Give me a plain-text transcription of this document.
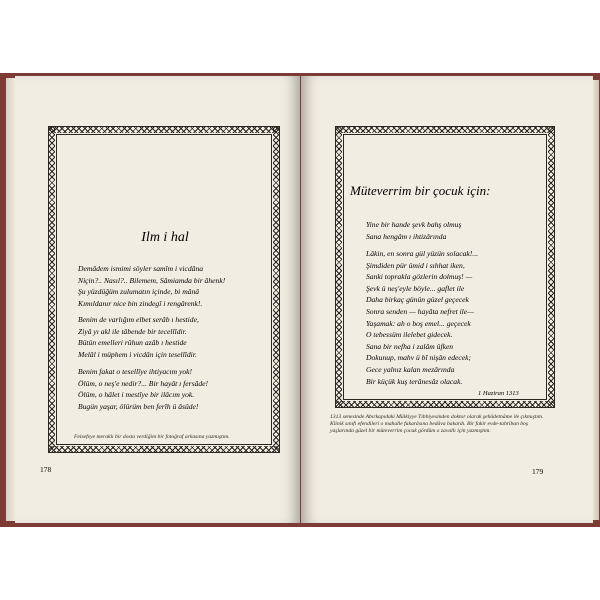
Ilm i hal
Demâdem ismimi söyler samîm i vicdâna
Niçin?.. Nasıl?.. Bilemem, Sâmiamda bir âhenk!
Şu yüzdüğüm zulumatın içinde, bi mânâ
Kımıldanır nice bin zindegî i rengârenk!.
Benim de varlığım elbet serâb ı hestide,
Ziyâ yı akl ile tâbende bir tecellîdir.
Bütün emelleri rûhun azâb ı hestide
Melâl i müphem i vicdân için tesellîdir.
Benim fakat o tesellîye ihtiyacım yok!
Ölüm, o neş'e nedir?... Bir hayât ı fersâde!
Ölüm, o hâlet i mestîye bir ilâcım yok.
Bugün yaşar, ölürüm ben ferîh ü âsûde!
Felsefeye meraklı bir dosta verdiğim bir fotoğraf arkasına yazmıştım.
178
Müteverrim bir çocuk için:
Yine bir hande şevk bahş olmuş
Sana hengâm ı ihtizârında
Lâkin, en sonra gül yüzün solacak!...
Şimdiden pür ümid i sıhhat iken,
Sanki toprakla gözlerin dolmuş! —
Şevk ü neş'eyle böyle... gaflet ile
Daha birkaç günün güzel geçecek
Sonra senden — hayâta nefret ile—
Yaşamak: ah o boş emel... geçecek
O tebessüm ilelebet gidecek.
Sana bir nefha i zalâm üfken
Dokunup, mahv ü bî nişân edecek;
Gece yalnız kalan mezârında
Bir küçük kuş terânesâz olacak.
1 Haziran 1313
1313 senesinde Abırkapıdaki Mülkiyye Tıbbiyesinden doktor olarak şehâdetnâme ile çıkmıştım. Klinik sınıfı efendileri o mahalle fukarâsına bedâva bakardı. Bir fakir evde-tahriban boş yaşlarında güzel bir müteverrim çocuk gördüm o zavallı için yazmıştım.
179
